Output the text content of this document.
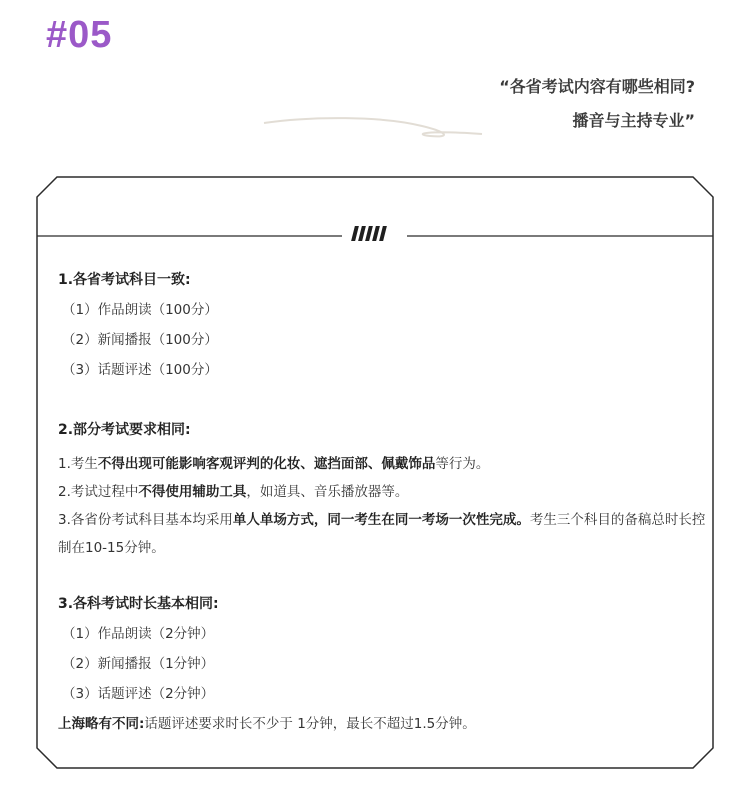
#05
“各省考试内容有哪些相同?
播音与主持专业”

1.各省考试科目一致:

（1）作品朗读（100分）

（2）新闻播报（100分）

（3）话题评述（100分）

2.部分考试要求相同:

1.考生不得出现可能影响客观评判的化妆、遮挡面部、佩戴饰品等行为。

2.考试过程中不得使用辅助工具，如道具、音乐播放器等。

3.各省份考试科目基本均采用单人单场方式，同一考生在同一考场一次性完成。考生三个科目的备稿总时长控制在10-15分钟。

3.各科考试时长基本相同:

（1）作品朗读（2分钟）

（2）新闻播报（1分钟）

（3）话题评述（2分钟）

上海略有不同:话题评述要求时长不少于 1分钟，最长不超过1.5分钟。
